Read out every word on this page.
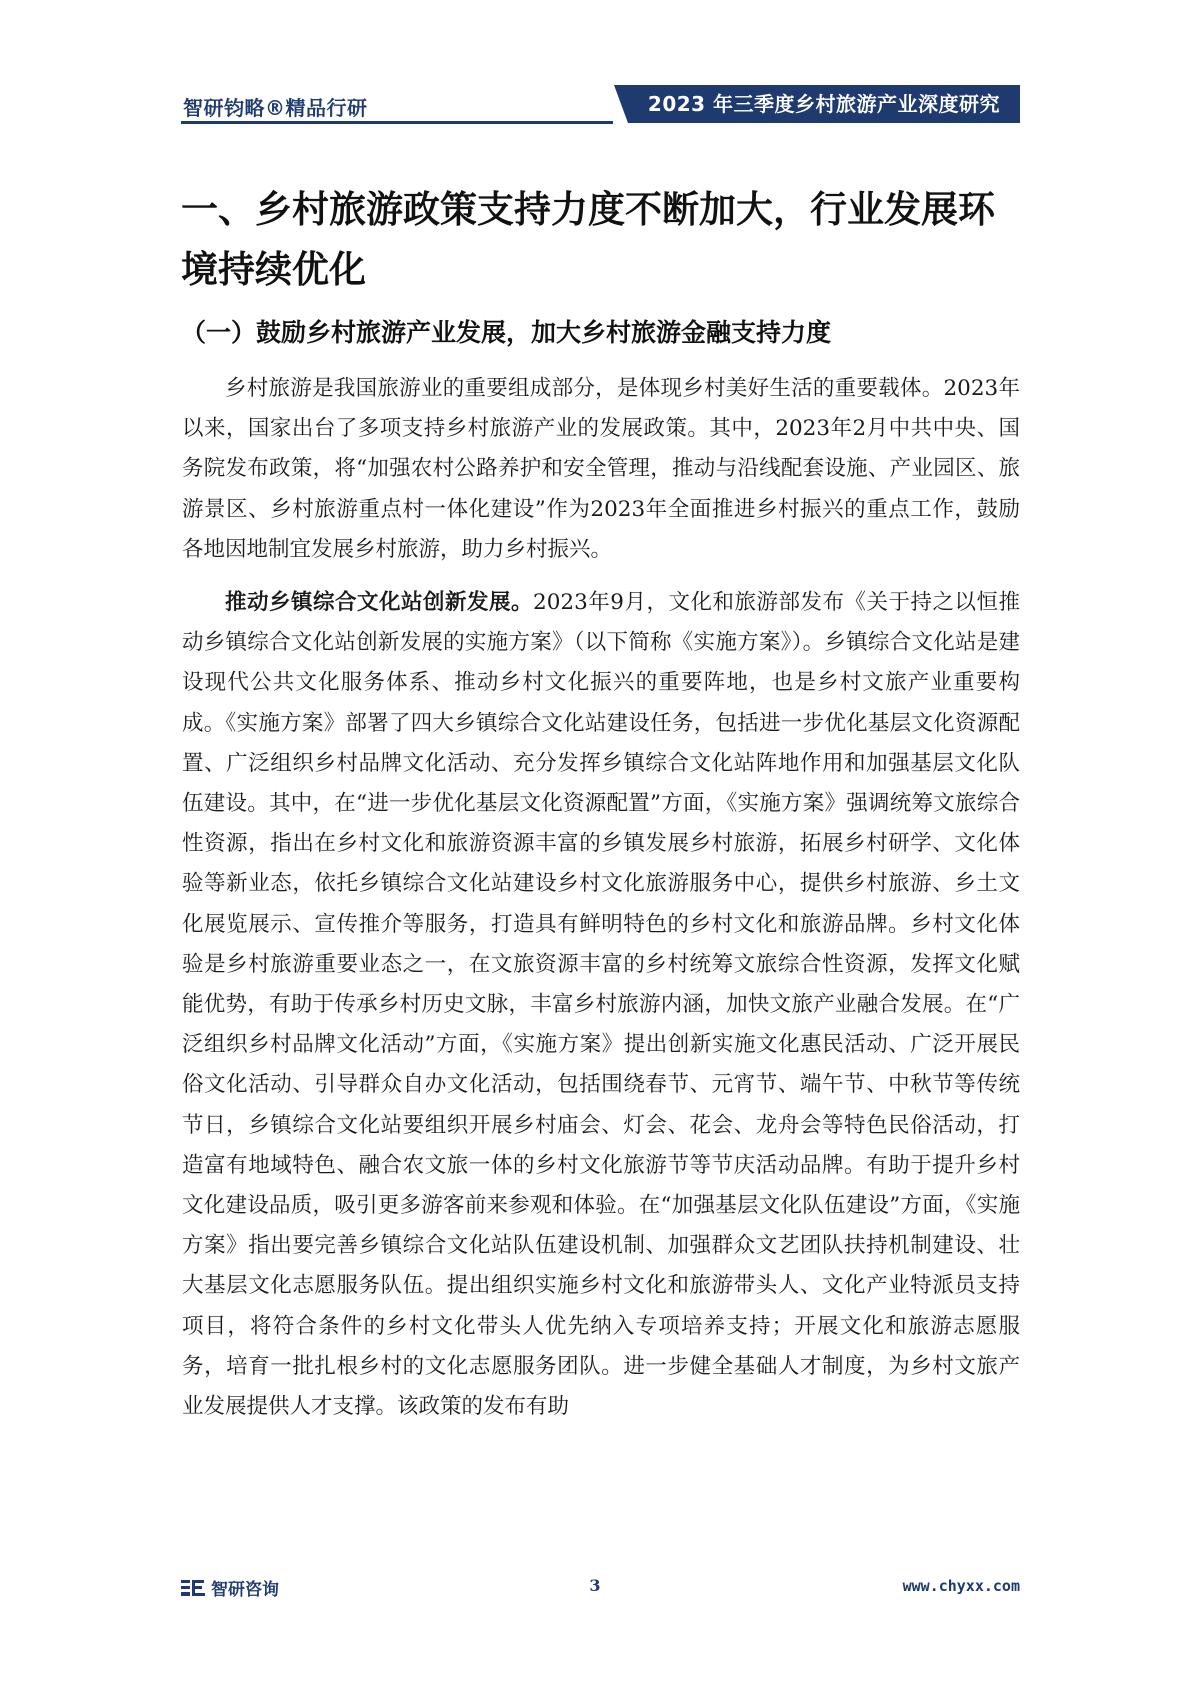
智研钧略®精品行研	2023 年三季度乡村旅游产业深度研究
一、乡村旅游政策支持力度不断加大，行业发展环境持续优化
（一）鼓励乡村旅游产业发展，加大乡村旅游金融支持力度

乡村旅游是我国旅游业的重要组成部分，是体现乡村美好生活的重要载体。2023年以来，国家出台了多项支持乡村旅游产业的发展政策。其中，2023年2月中共中央、国务院发布政策，将“加强农村公路养护和安全管理，推动与沿线配套设施、产业园区、旅游景区、乡村旅游重点村一体化建设”作为2023年全面推进乡村振兴的重点工作，鼓励各地因地制宜发展乡村旅游，助力乡村振兴。

推动乡镇综合文化站创新发展。2023年9月，文化和旅游部发布《关于持之以恒推动乡镇综合文化站创新发展的实施方案》（以下简称《实施方案》）。乡镇综合文化站是建设现代公共文化服务体系、推动乡村文化振兴的重要阵地，也是乡村文旅产业重要构成。《实施方案》部署了四大乡镇综合文化站建设任务，包括进一步优化基层文化资源配置、广泛组织乡村品牌文化活动、充分发挥乡镇综合文化站阵地作用和加强基层文化队伍建设。其中，在“进一步优化基层文化资源配置”方面，《实施方案》强调统筹文旅综合性资源，指出在乡村文化和旅游资源丰富的乡镇发展乡村旅游，拓展乡村研学、文化体验等新业态，依托乡镇综合文化站建设乡村文化旅游服务中心，提供乡村旅游、乡土文化展览展示、宣传推介等服务，打造具有鲜明特色的乡村文化和旅游品牌。乡村文化体验是乡村旅游重要业态之一，在文旅资源丰富的乡村统筹文旅综合性资源，发挥文化赋能优势，有助于传承乡村历史文脉，丰富乡村旅游内涵，加快文旅产业融合发展。在“广泛组织乡村品牌文化活动”方面，《实施方案》提出创新实施文化惠民活动、广泛开展民俗文化活动、引导群众自办文化活动，包括围绕春节、元宵节、端午节、中秋节等传统节日，乡镇综合文化站要组织开展乡村庙会、灯会、花会、龙舟会等特色民俗活动，打造富有地域特色、融合农文旅一体的乡村文化旅游节等节庆活动品牌。有助于提升乡村文化建设品质，吸引更多游客前来参观和体验。在“加强基层文化队伍建设”方面，《实施方案》指出要完善乡镇综合文化站队伍建设机制、加强群众文艺团队扶持机制建设、壮大基层文化志愿服务队伍。提出组织实施乡村文化和旅游带头人、文化产业特派员支持项目，将符合条件的乡村文化带头人优先纳入专项培养支持；开展文化和旅游志愿服务，培育一批扎根乡村的文化志愿服务团队。进一步健全基础人才制度，为乡村文旅产业发展提供人才支撑。该政策的发布有助

智研咨询	3	www.chyxx.com
